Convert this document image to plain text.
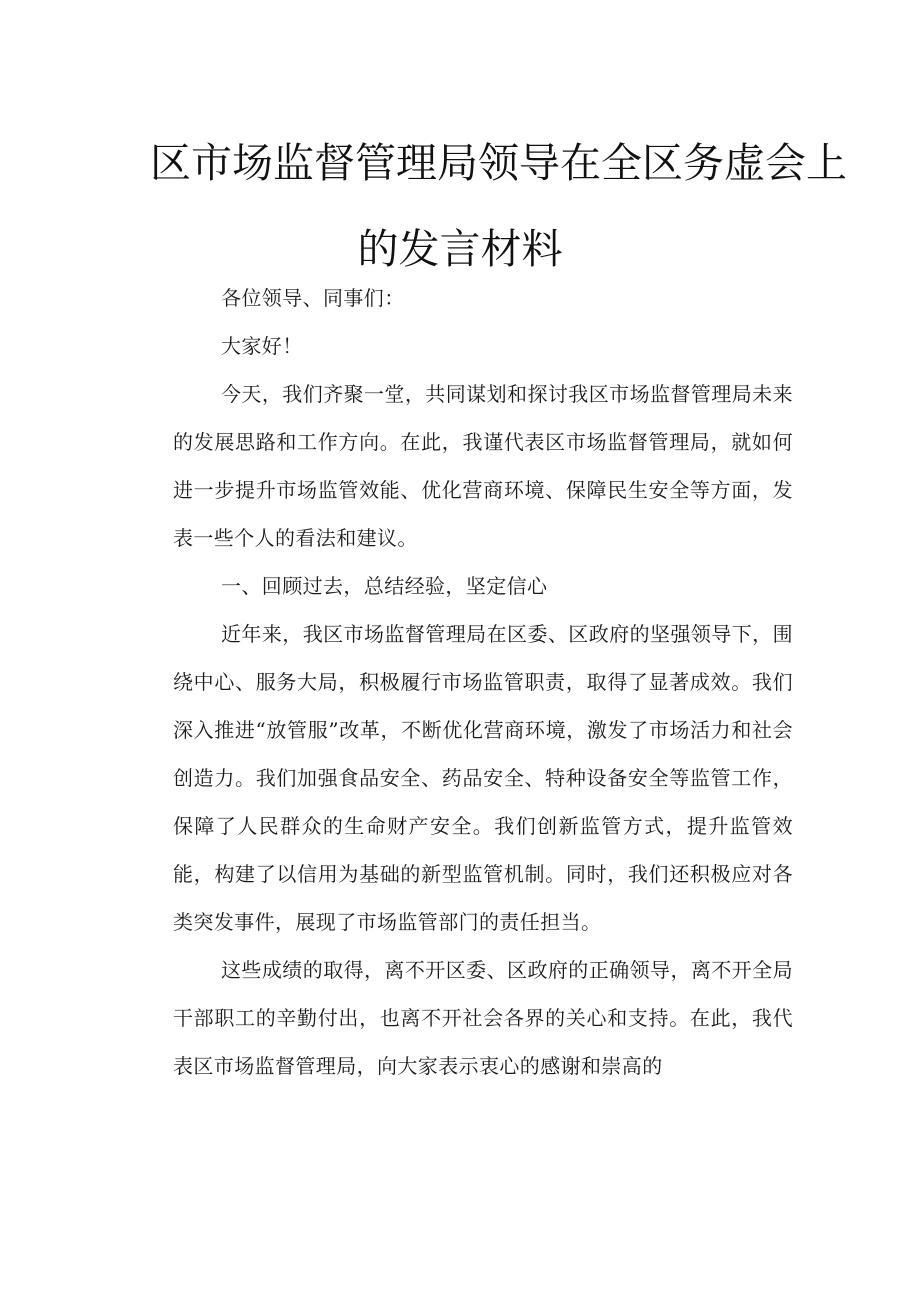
区市场监督管理局领导在全区务虚会上
的发言材料

各位领导、同事们：

大家好！

今天，我们齐聚一堂，共同谋划和探讨我区市场监督管理局未来的发展思路和工作方向。在此，我谨代表区市场监督管理局，就如何进一步提升市场监管效能、优化营商环境、保障民生安全等方面，发表一些个人的看法和建议。

一、回顾过去，总结经验，坚定信心

近年来，我区市场监督管理局在区委、区政府的坚强领导下，围绕中心、服务大局，积极履行市场监管职责，取得了显著成效。我们深入推进“放管服”改革，不断优化营商环境，激发了市场活力和社会创造力。我们加强食品安全、药品安全、特种设备安全等监管工作，保障了人民群众的生命财产安全。我们创新监管方式，提升监管效能，构建了以信用为基础的新型监管机制。同时，我们还积极应对各类突发事件，展现了市场监管部门的责任担当。

这些成绩的取得，离不开区委、区政府的正确领导，离不开全局干部职工的辛勤付出，也离不开社会各界的关心和支持。在此，我代表区市场监督管理局，向大家表示衷心的感谢和崇高的
